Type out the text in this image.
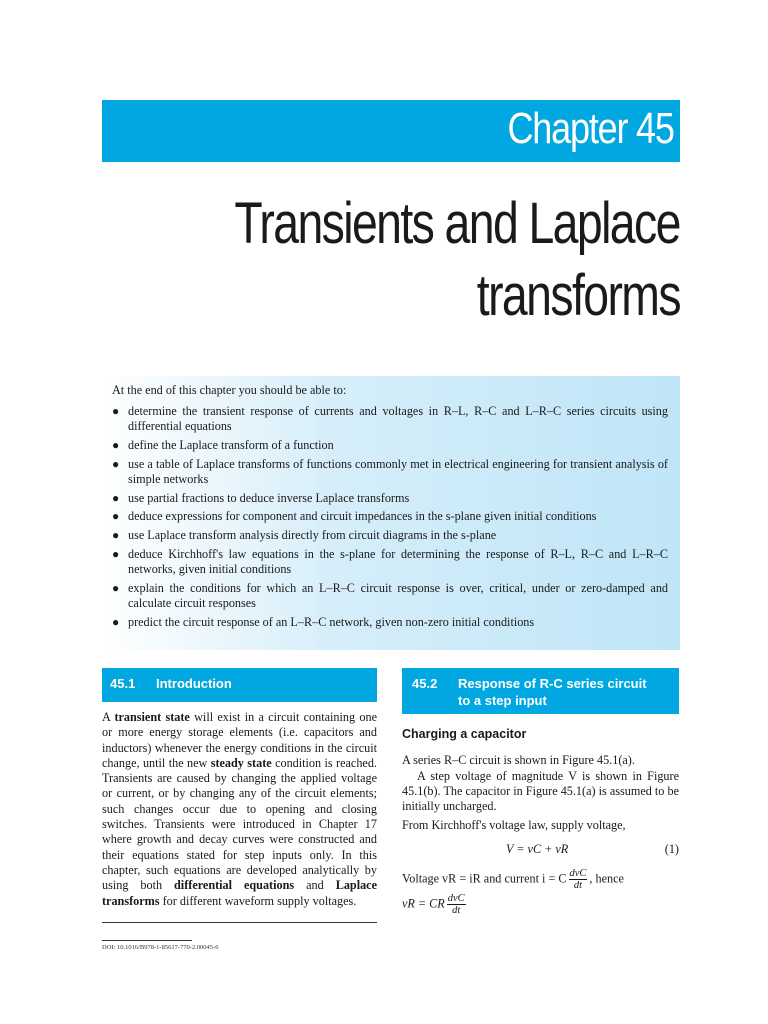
Chapter 45
Transients and Laplace
transforms

At the end of this chapter you should be able to:

● determine the transient response of currents and voltages in R–L, R–C and L–R–C series circuits using differential equations
● define the Laplace transform of a function
● use a table of Laplace transforms of functions commonly met in electrical engineering for transient analysis of simple networks
● use partial fractions to deduce inverse Laplace transforms
● deduce expressions for component and circuit impedances in the s-plane given initial conditions
● use Laplace transform analysis directly from circuit diagrams in the s-plane
● deduce Kirchhoff's law equations in the s-plane for determining the response of R–L, R–C and L–R–C networks, given initial conditions
● explain the conditions for which an L–R–C circuit response is over, critical, under or zero-damped and calculate circuit responses
● predict the circuit response of an L–R–C network, given non-zero initial conditions
45.1 Introduction

A transient state will exist in a circuit containing one or more energy storage elements (i.e. capacitors and inductors) whenever the energy conditions in the circuit change, until the new steady state condition is reached. Transients are caused by changing the applied voltage or current, or by changing any of the circuit elements; such changes occur due to opening and closing switches. Transients were introduced in Chapter 17 where growth and decay curves were constructed and their equations stated for step inputs only. In this chapter, such equations are developed analytically by using both differential equations and Laplace transforms for different waveform supply voltages.

DOI: 10.1016/B978-1-85617-770-2.00045-6
45.2 Response of R-C series circuit
to a step input
Charging a capacitor

A series R–C circuit is shown in Figure 45.1(a).

A step voltage of magnitude V is shown in Figure 45.1(b). The capacitor in Figure 45.1(a) is assumed to be initially uncharged.

From Kirchhoff's voltage law, supply voltage,

V = vC + vR	(1)
Voltage vR = iR and current i = C $\frac{\text{dvC}}{dt}$ , hence
vR = CR $\frac{\text{dvC}}{dt}$
